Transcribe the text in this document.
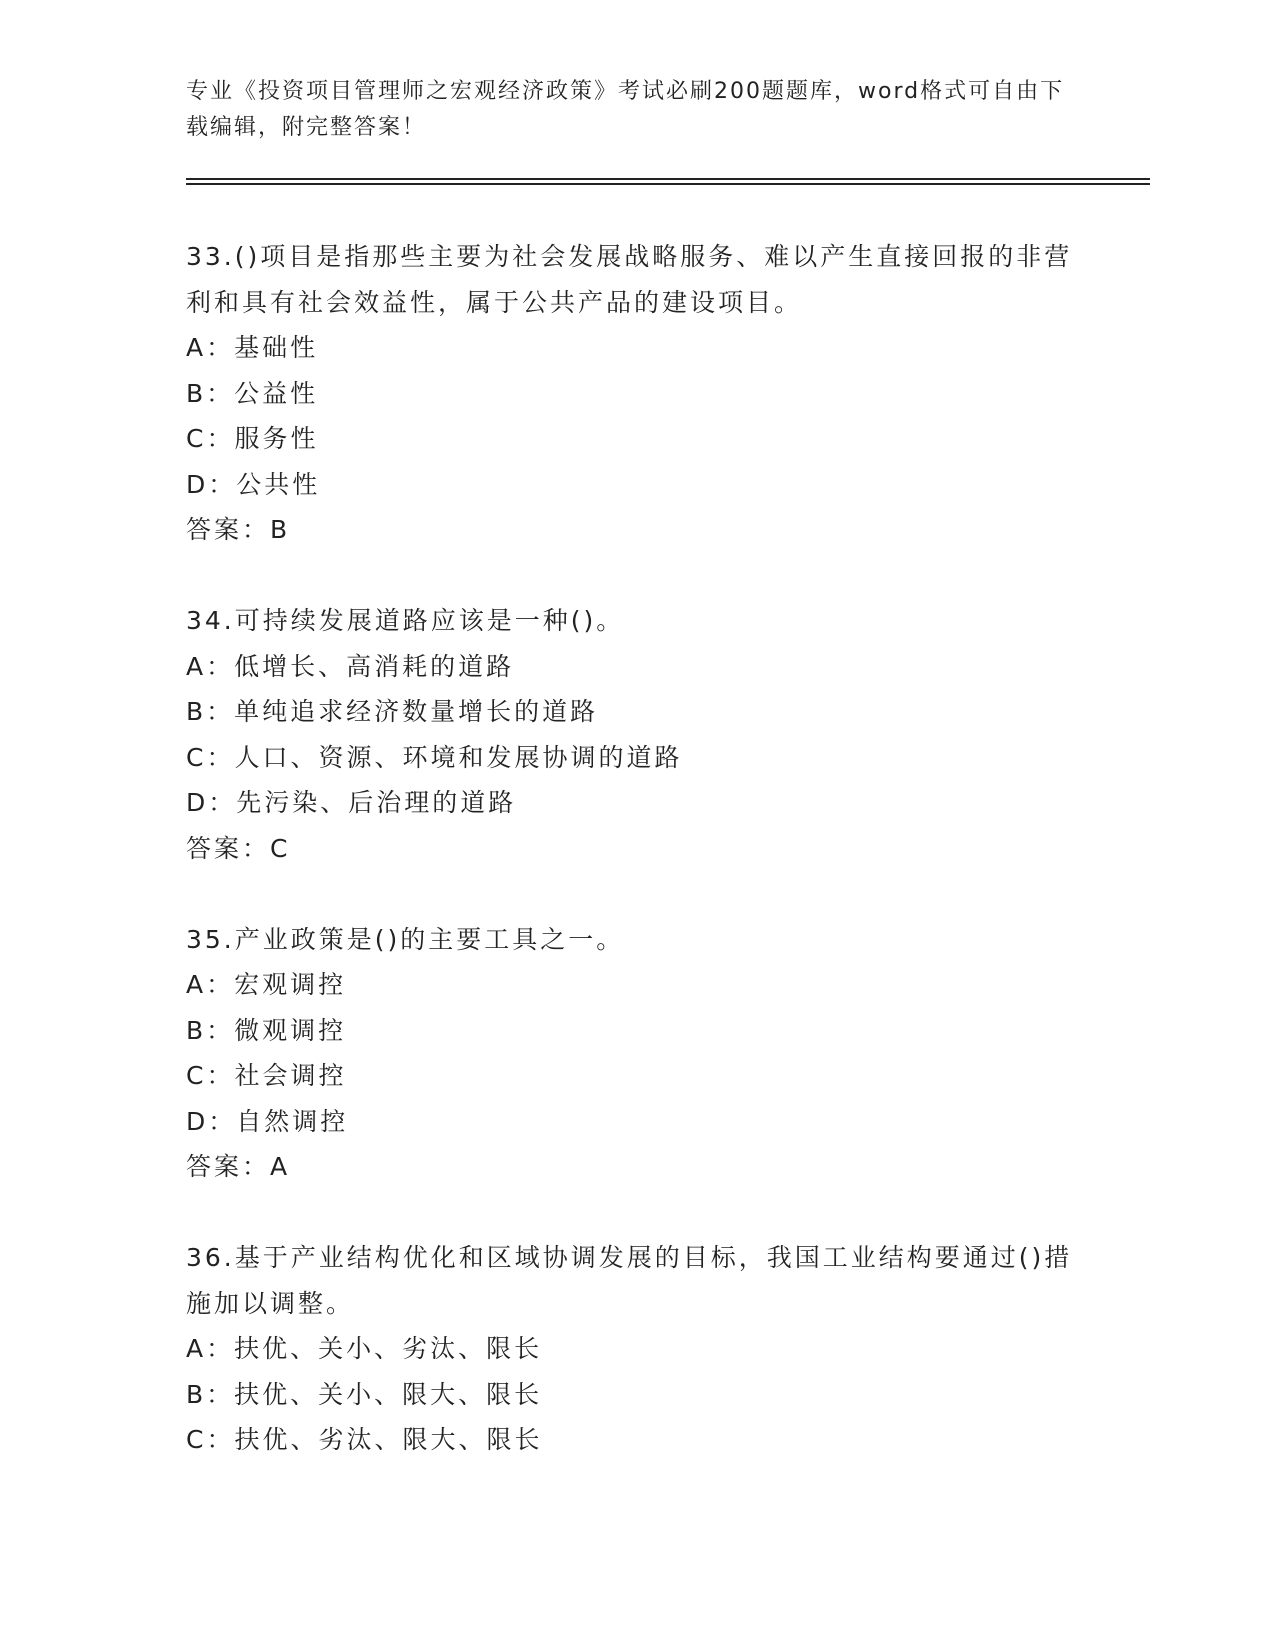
专业《投资项目管理师之宏观经济政策》考试必刷200题题库，word格式可自由下载编辑，附完整答案！

33.()项目是指那些主要为社会发展战略服务、难以产生直接回报的非营利和具有社会效益性，属于公共产品的建设项目。

A：基础性

B：公益性

C：服务性

D：公共性

答案：B

34.可持续发展道路应该是一种()。

A：低增长、高消耗的道路

B：单纯追求经济数量增长的道路

C：人口、资源、环境和发展协调的道路

D：先污染、后治理的道路

答案：C

35.产业政策是()的主要工具之一。

A：宏观调控

B：微观调控

C：社会调控

D：自然调控

答案：A

36.基于产业结构优化和区域协调发展的目标，我国工业结构要通过()措施加以调整。

A：扶优、关小、劣汰、限长

B：扶优、关小、限大、限长

C：扶优、劣汰、限大、限长
